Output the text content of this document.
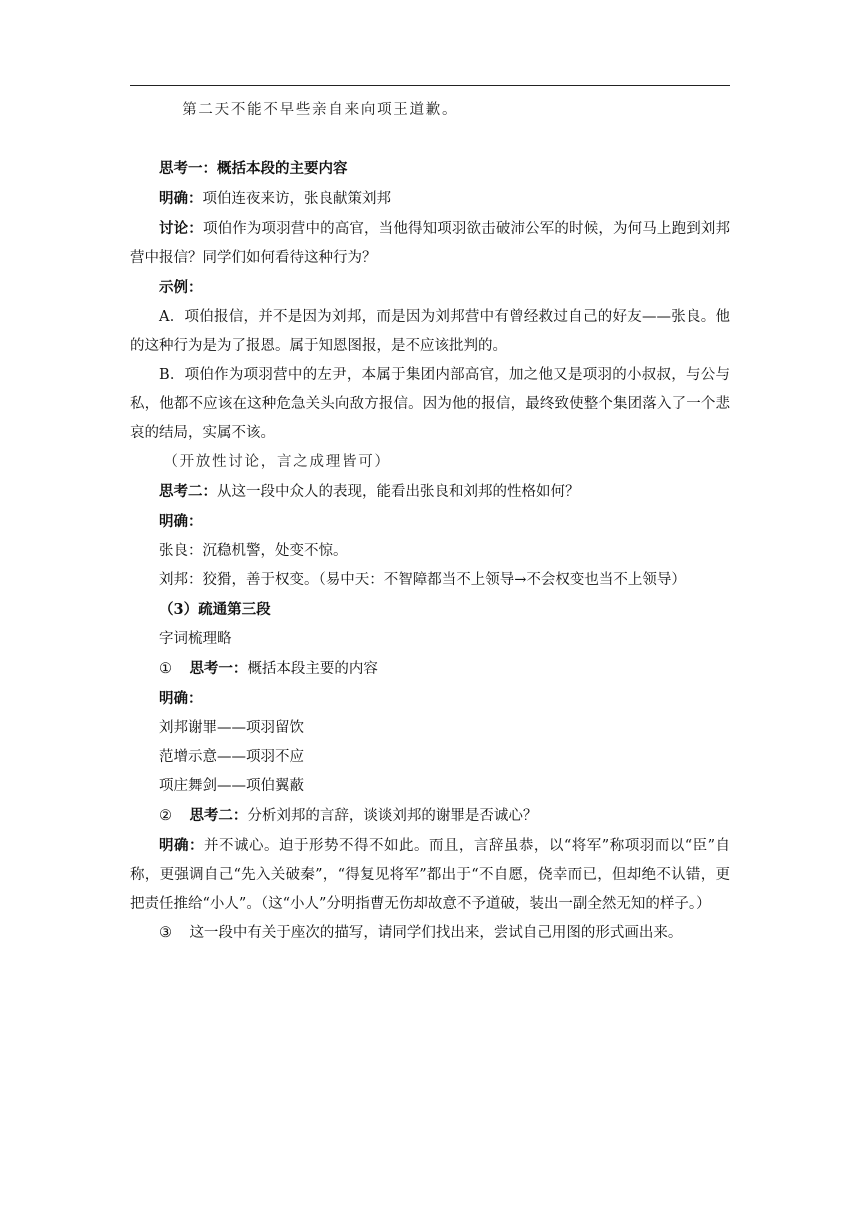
第二天不能不早些亲自来向项王道歉。

思考一：概括本段的主要内容

明确：项伯连夜来访，张良献策刘邦

讨论：项伯作为项羽营中的高官，当他得知项羽欲击破沛公军的时候，为何马上跑到刘邦营中报信？同学们如何看待这种行为？

示例：

A．项伯报信，并不是因为刘邦，而是因为刘邦营中有曾经救过自己的好友——张良。他的这种行为是为了报恩。属于知恩图报，是不应该批判的。

B．项伯作为项羽营中的左尹，本属于集团内部高官，加之他又是项羽的小叔叔，与公与私，他都不应该在这种危急关头向敌方报信。因为他的报信，最终致使整个集团落入了一个悲哀的结局，实属不该。

（开放性讨论，言之成理皆可）

思考二：从这一段中众人的表现，能看出张良和刘邦的性格如何？

明确：

张良：沉稳机警，处变不惊。

刘邦：狡猾，善于权变。（易中天：不智障都当不上领导→不会权变也当不上领导）

（3）疏通第三段

字词梳理略

① 思考一：概括本段主要的内容

明确：

刘邦谢罪——项羽留饮

范增示意——项羽不应

项庄舞剑——项伯翼蔽

② 思考二：分析刘邦的言辞，谈谈刘邦的谢罪是否诚心？

明确：并不诚心。迫于形势不得不如此。而且，言辞虽恭，以“将军”称项羽而以“臣”自称，更强调自己“先入关破秦”，“得复见将军”都出于“不自愿，侥幸而已，但却绝不认错，更把责任推给“小人”。（这“小人”分明指曹无伤却故意不予道破，装出一副全然无知的样子。）

③ 这一段中有关于座次的描写，请同学们找出来，尝试自己用图的形式画出来。
